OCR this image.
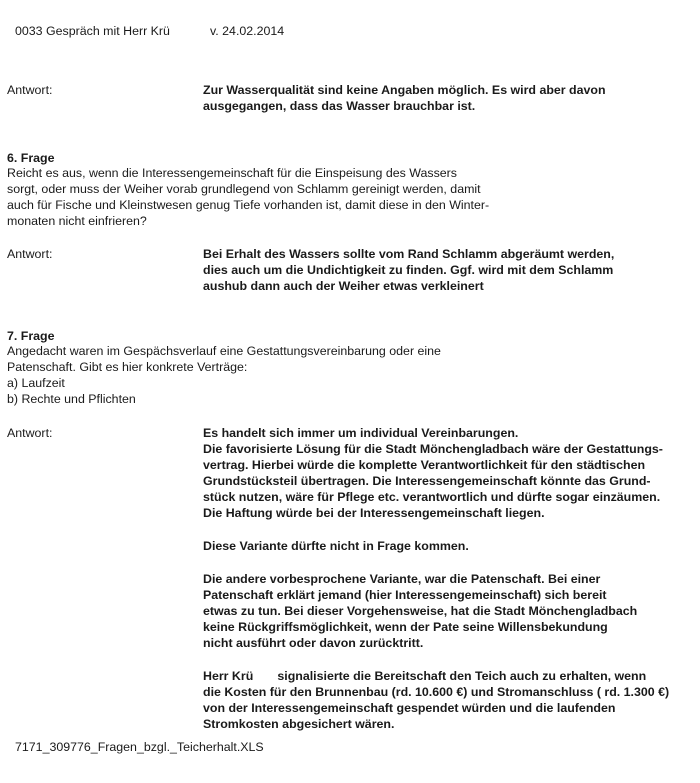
0033 Gespräch mit Herr Krü	v. 24.02.2014
Antwort:	Zur Wasserqualität sind keine Angaben möglich. Es wird aber davon
ausgegangen, dass das Wasser brauchbar ist.
6. Frage
Reicht es aus, wenn die Interessengemeinschaft für die Einspeisung des Wassers
sorgt, oder muss der Weiher vorab grundlegend von Schlamm gereinigt werden, damit
auch für Fische und Kleinstwesen genug Tiefe vorhanden ist, damit diese in den Winter-
monaten nicht einfrieren?
Antwort:	Bei Erhalt des Wassers sollte vom Rand Schlamm abgeräumt werden,
dies auch um die Undichtigkeit zu finden. Ggf. wird mit dem Schlamm
aushub dann auch der Weiher etwas verkleinert
7. Frage
Angedacht waren im Gespächsverlauf eine Gestattungsvereinbarung oder eine
Patenschaft. Gibt es hier konkrete Verträge:
a) Laufzeit
b) Rechte und Pflichten
Antwort:	Es handelt sich immer um individual Vereinbarungen.
Die favorisierte Lösung für die Stadt Mönchengladbach wäre der Gestattungs-
vertrag. Hierbei würde die komplette Verantwortlichkeit für den städtischen
Grundstücksteil übertragen. Die Interessengemeinschaft könnte das Grund-
stück nutzen, wäre für Pflege etc. verantwortlich und dürfte sogar einzäumen.
Die Haftung würde bei der Interessengemeinschaft liegen.
Diese Variante dürfte nicht in Frage kommen.
Die andere vorbesprochene Variante, war die Patenschaft. Bei einer
Patenschaft erklärt jemand (hier Interessengemeinschaft) sich bereit
etwas zu tun. Bei dieser Vorgehensweise, hat die Stadt Mönchengladbach
keine Rückgriffsmöglichkeit, wenn der Pate seine Willensbekundung
nicht ausführt oder davon zurücktritt.
Herr Krü       signalisierte die Bereitschaft den Teich auch zu erhalten, wenn
die Kosten für den Brunnenbau (rd. 10.600 €) und Stromanschluss ( rd. 1.300 €)
von der Interessengemeinschaft gespendet würden und die laufenden
Stromkosten abgesichert wären.
7171_309776_Fragen_bzgl._Teicherhalt.XLS
